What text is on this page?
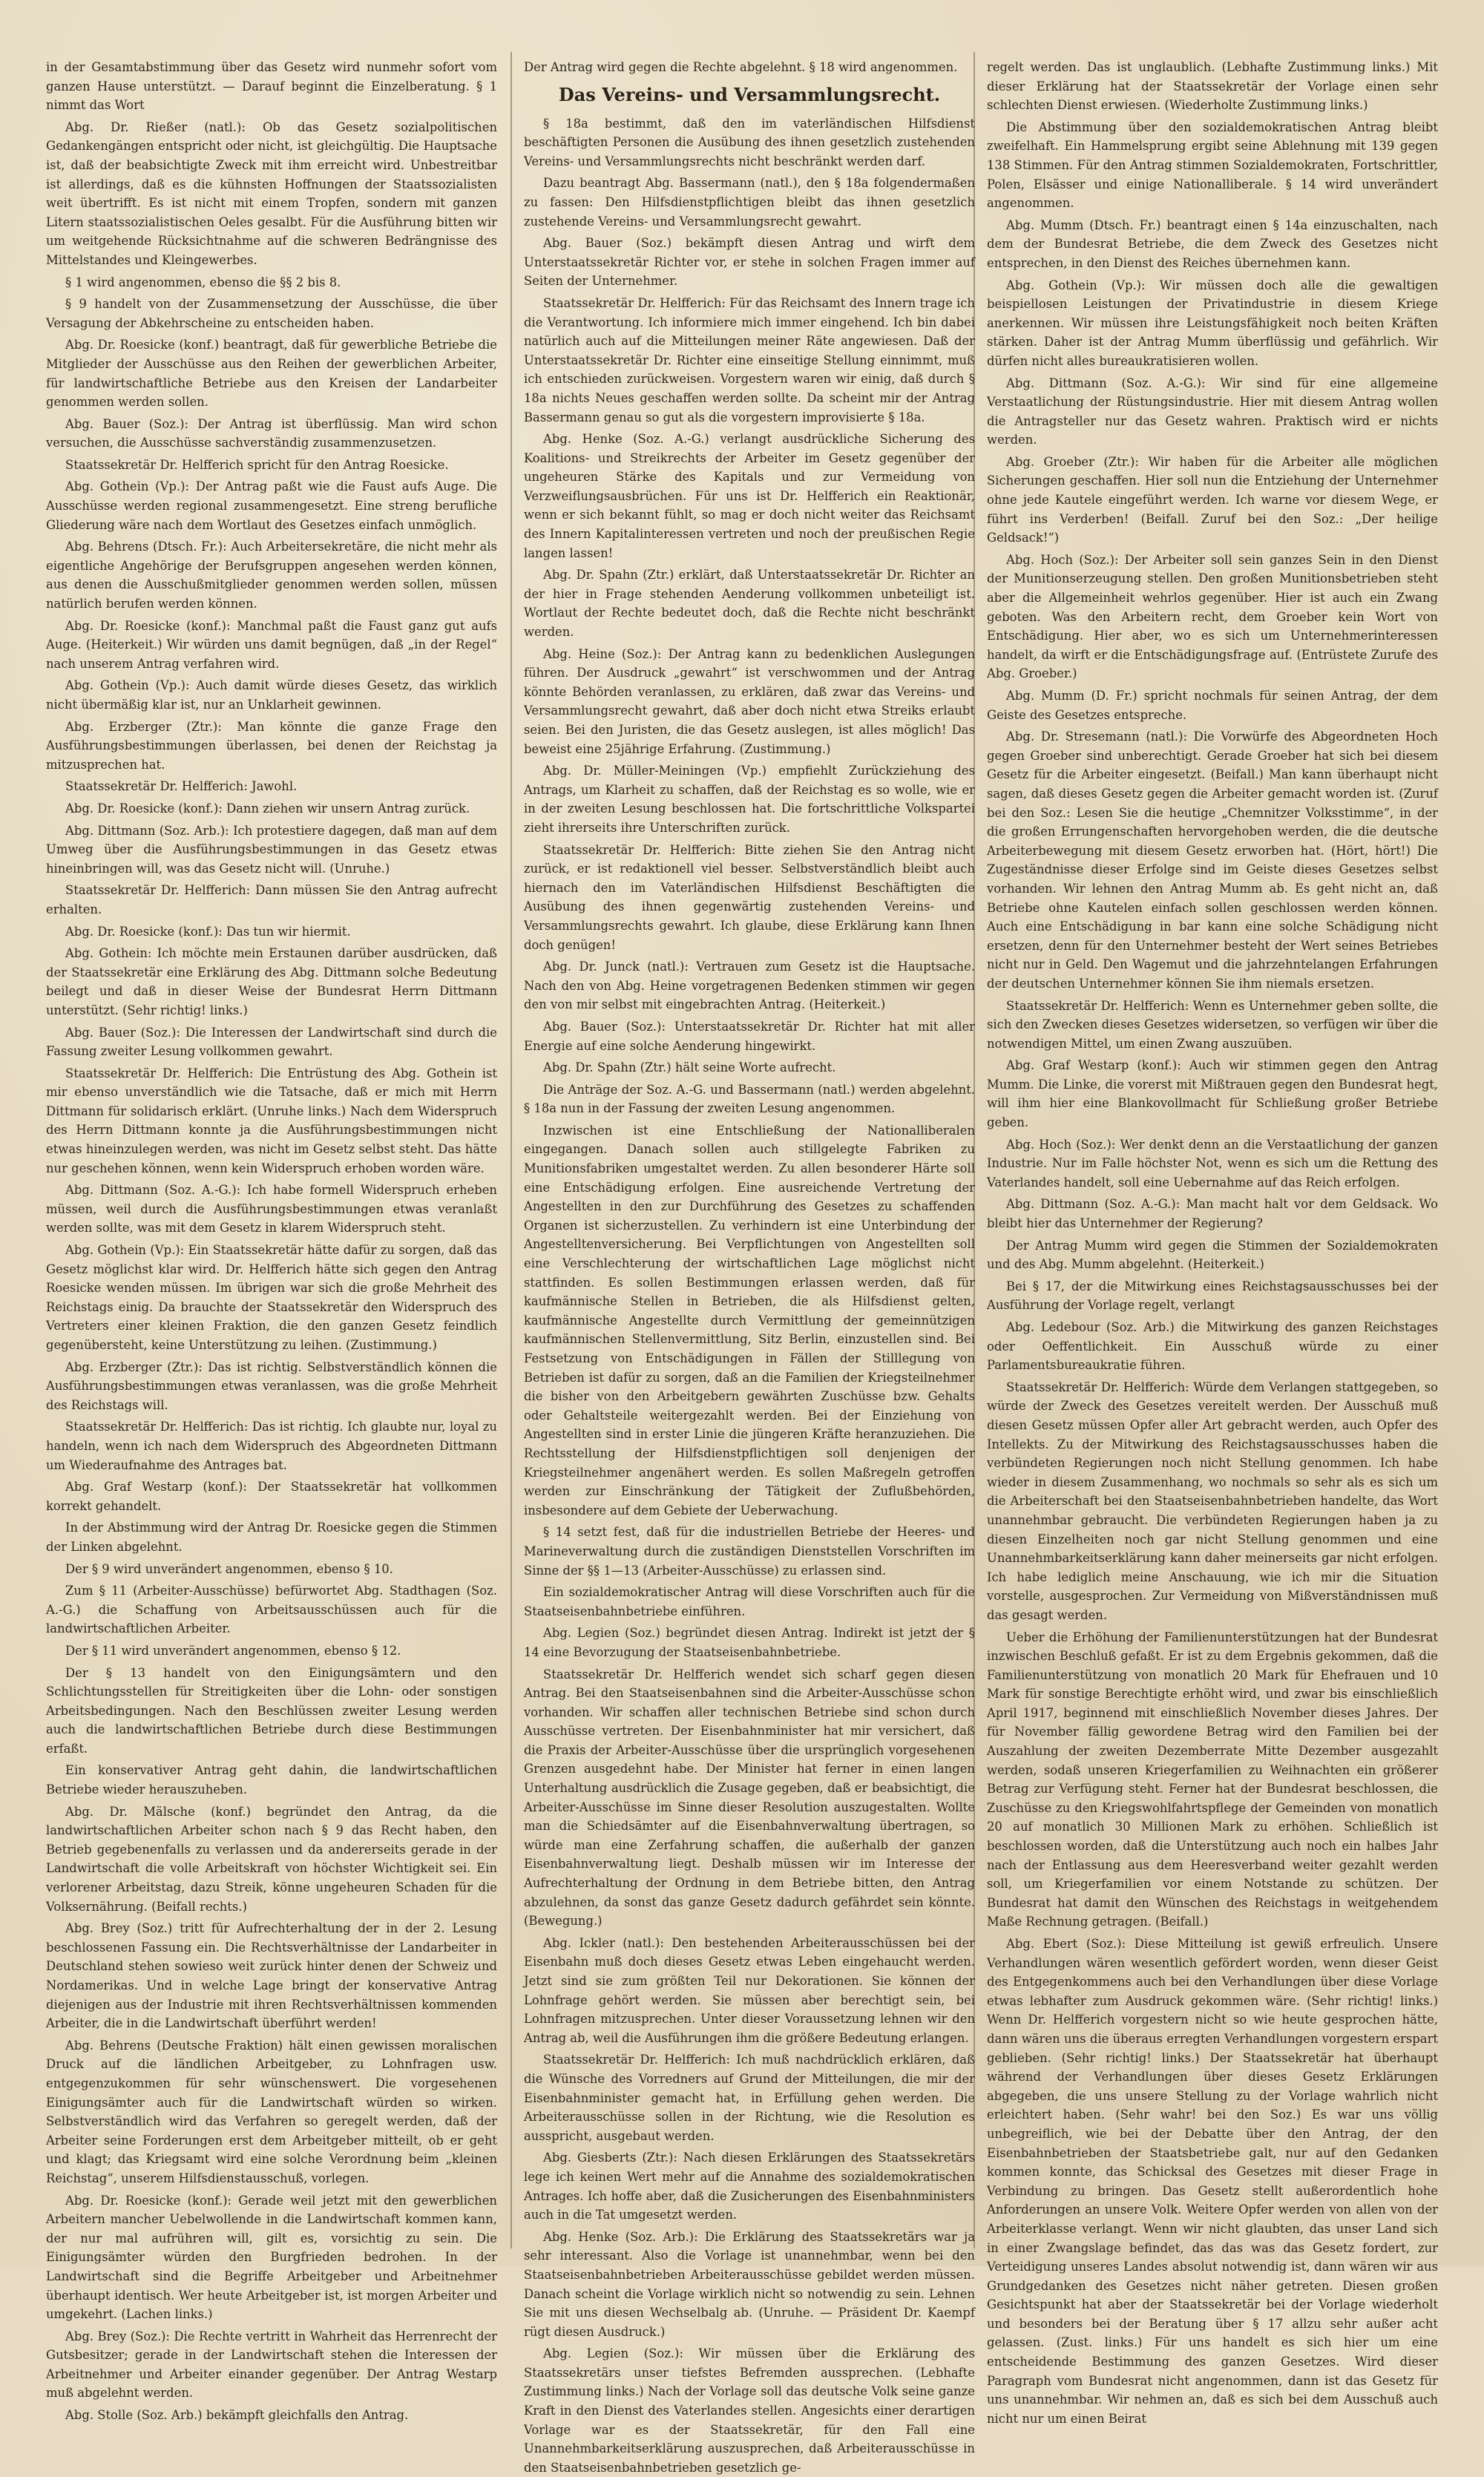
in der Gesamtabstimmung über das Gesetz wird nunmehr sofort vom ganzen Hause unterstützt. — Darauf beginnt die Einzelberatung. § 1 nimmt das Wort

Abg. Dr. Rießer (natl.): Ob das Gesetz sozialpolitischen Gedankengängen entspricht oder nicht, ist gleichgültig. Die Hauptsache ist, daß der beabsichtigte Zweck mit ihm erreicht wird. Unbestreitbar ist allerdings, daß es die kühnsten Hoffnungen der Staatssozialisten weit übertrifft. Es ist nicht mit einem Tropfen, sondern mit ganzen Litern staatssozialistischen Oeles gesalbt. Für die Ausführung bitten wir um weitgehende Rücksichtnahme auf die schweren Bedrängnisse des Mittelstandes und Kleingewerbes.

§ 1 wird angenommen, ebenso die §§ 2 bis 8.

§ 9 handelt von der Zusammensetzung der Ausschüsse, die über Versagung der Abkehrscheine zu entscheiden haben.

Abg. Dr. Roesicke (konf.) beantragt, daß für gewerbliche Betriebe die Mitglieder der Ausschüsse aus den Reihen der gewerblichen Arbeiter, für landwirtschaftliche Betriebe aus den Kreisen der Landarbeiter genommen werden sollen.

Abg. Bauer (Soz.): Der Antrag ist überflüssig. Man wird schon versuchen, die Ausschüsse sachverständig zusammenzusetzen.

Staatssekretär Dr. Helfferich spricht für den Antrag Roesicke.

Abg. Gothein (Vp.): Der Antrag paßt wie die Faust aufs Auge. Die Ausschüsse werden regional zusammengesetzt. Eine streng berufliche Gliederung wäre nach dem Wortlaut des Gesetzes einfach unmöglich.

Abg. Behrens (Dtsch. Fr.): Auch Arbeitersekretäre, die nicht mehr als eigentliche Angehörige der Berufsgruppen angesehen werden können, aus denen die Ausschußmitglieder genommen werden sollen, müssen natürlich berufen werden können.

Abg. Dr. Roesicke (konf.): Manchmal paßt die Faust ganz gut aufs Auge. (Heiterkeit.) Wir würden uns damit begnügen, daß „in der Regel“ nach unserem Antrag verfahren wird.

Abg. Gothein (Vp.): Auch damit würde dieses Gesetz, das wirklich nicht übermäßig klar ist, nur an Unklarheit gewinnen.

Abg. Erzberger (Ztr.): Man könnte die ganze Frage den Ausführungsbestimmungen überlassen, bei denen der Reichstag ja mitzusprechen hat.

Staatssekretär Dr. Helfferich: Jawohl.

Abg. Dr. Roesicke (konf.): Dann ziehen wir unsern Antrag zurück.

Abg. Dittmann (Soz. Arb.): Ich protestiere dagegen, daß man auf dem Umweg über die Ausführungsbestimmungen in das Gesetz etwas hineinbringen will, was das Gesetz nicht will. (Unruhe.)

Staatssekretär Dr. Helfferich: Dann müssen Sie den Antrag aufrecht erhalten.

Abg. Dr. Roesicke (konf.): Das tun wir hiermit.

Abg. Gothein: Ich möchte mein Erstaunen darüber ausdrücken, daß der Staatssekretär eine Erklärung des Abg. Dittmann solche Bedeutung beilegt und daß in dieser Weise der Bundesrat Herrn Dittmann unterstützt. (Sehr richtig! links.)

Abg. Bauer (Soz.): Die Interessen der Landwirtschaft sind durch die Fassung zweiter Lesung vollkommen gewahrt.

Staatssekretär Dr. Helfferich: Die Entrüstung des Abg. Gothein ist mir ebenso unverständlich wie die Tatsache, daß er mich mit Herrn Dittmann für solidarisch erklärt. (Unruhe links.) Nach dem Widerspruch des Herrn Dittmann konnte ja die Ausführungsbestimmungen nicht etwas hineinzulegen werden, was nicht im Gesetz selbst steht. Das hätte nur geschehen können, wenn kein Widerspruch erhoben worden wäre.

Abg. Dittmann (Soz. A.-G.): Ich habe formell Widerspruch erheben müssen, weil durch die Ausführungsbestimmungen etwas veranlaßt werden sollte, was mit dem Gesetz in klarem Widerspruch steht.

Abg. Gothein (Vp.): Ein Staatssekretär hätte dafür zu sorgen, daß das Gesetz möglichst klar wird. Dr. Helfferich hätte sich gegen den Antrag Roesicke wenden müssen. Im übrigen war sich die große Mehrheit des Reichstags einig. Da brauchte der Staatssekretär den Widerspruch des Vertreters einer kleinen Fraktion, die den ganzen Gesetz feindlich gegenübersteht, keine Unterstützung zu leihen. (Zustimmung.)

Abg. Erzberger (Ztr.): Das ist richtig. Selbstverständlich können die Ausführungsbestimmungen etwas veranlassen, was die große Mehrheit des Reichstags will.

Staatssekretär Dr. Helfferich: Das ist richtig. Ich glaubte nur, loyal zu handeln, wenn ich nach dem Widerspruch des Abgeordneten Dittmann um Wiederaufnahme des Antrages bat.

Abg. Graf Westarp (konf.): Der Staatssekretär hat vollkommen korrekt gehandelt.

In der Abstimmung wird der Antrag Dr. Roesicke gegen die Stimmen der Linken abgelehnt.

Der § 9 wird unverändert angenommen, ebenso § 10.

Zum § 11 (Arbeiter-Ausschüsse) befürwortet Abg. Stadthagen (Soz. A.-G.) die Schaffung von Arbeitsausschüssen auch für die landwirtschaftlichen Arbeiter.

Der § 11 wird unverändert angenommen, ebenso § 12.

Der § 13 handelt von den Einigungsämtern und den Schlichtungsstellen für Streitigkeiten über die Lohn- oder sonstigen Arbeitsbedingungen. Nach den Beschlüssen zweiter Lesung werden auch die landwirtschaftlichen Betriebe durch diese Bestimmungen erfaßt.

Ein konservativer Antrag geht dahin, die landwirtschaftlichen Betriebe wieder herauszuheben.

Abg. Dr. Mälsche (konf.) begründet den Antrag, da die landwirtschaftlichen Arbeiter schon nach § 9 das Recht haben, den Betrieb gegebenenfalls zu verlassen und da andererseits gerade in der Landwirtschaft die volle Arbeitskraft von höchster Wichtigkeit sei. Ein verlorener Arbeitstag, dazu Streik, könne ungeheuren Schaden für die Volksernährung. (Beifall rechts.)

Abg. Brey (Soz.) tritt für Aufrechterhaltung der in der 2. Lesung beschlossenen Fassung ein. Die Rechtsverhältnisse der Landarbeiter in Deutschland stehen sowieso weit zurück hinter denen der Schweiz und Nordamerikas. Und in welche Lage bringt der konservative Antrag diejenigen aus der Industrie mit ihren Rechtsverhältnissen kommenden Arbeiter, die in die Landwirtschaft überführt werden!

Abg. Behrens (Deutsche Fraktion) hält einen gewissen moralischen Druck auf die ländlichen Arbeitgeber, zu Lohnfragen usw. entgegenzukommen für sehr wünschenswert. Die vorgesehenen Einigungsämter auch für die Landwirtschaft würden so wirken. Selbstverständlich wird das Verfahren so geregelt werden, daß der Arbeiter seine Forderungen erst dem Arbeitgeber mitteilt, ob er geht und klagt; das Kriegsamt wird eine solche Verordnung beim „kleinen Reichstag“, unserem Hilfsdienstausschuß, vorlegen.

Abg. Dr. Roesicke (konf.): Gerade weil jetzt mit den gewerblichen Arbeitern mancher Uebelwollende in die Landwirtschaft kommen kann, der nur mal aufrühren will, gilt es, vorsichtig zu sein. Die Einigungsämter würden den Burgfrieden bedrohen. In der Landwirtschaft sind die Begriffe Arbeitgeber und Arbeitnehmer überhaupt identisch. Wer heute Arbeitgeber ist, ist morgen Arbeiter und umgekehrt. (Lachen links.)

Abg. Brey (Soz.): Die Rechte vertritt in Wahrheit das Herrenrecht der Gutsbesitzer; gerade in der Landwirtschaft stehen die Interessen der Arbeitnehmer und Arbeiter einander gegenüber. Der Antrag Westarp muß abgelehnt werden.

Abg. Stolle (Soz. Arb.) bekämpft gleichfalls den Antrag.

Der Antrag wird gegen die Rechte abgelehnt. § 18 wird angenommen.

Das Vereins- und Versammlungsrecht.

§ 18a bestimmt, daß den im vaterländischen Hilfsdienst beschäftigten Personen die Ausübung des ihnen gesetzlich zustehenden Vereins- und Versammlungsrechts nicht beschränkt werden darf.

Dazu beantragt Abg. Bassermann (natl.), den § 18a folgendermaßen zu fassen: Den Hilfsdienstpflichtigen bleibt das ihnen gesetzlich zustehende Vereins- und Versammlungsrecht gewahrt.

Abg. Bauer (Soz.) bekämpft diesen Antrag und wirft dem Unterstaatssekretär Richter vor, er stehe in solchen Fragen immer auf Seiten der Unternehmer.

Staatssekretär Dr. Helfferich: Für das Reichsamt des Innern trage ich die Verantwortung. Ich informiere mich immer eingehend. Ich bin dabei natürlich auch auf die Mitteilungen meiner Räte angewiesen. Daß der Unterstaatssekretär Dr. Richter eine einseitige Stellung einnimmt, muß ich entschieden zurückweisen. Vorgestern waren wir einig, daß durch § 18a nichts Neues geschaffen werden sollte. Da scheint mir der Antrag Bassermann genau so gut als die vorgestern improvisierte § 18a.

Abg. Henke (Soz. A.-G.) verlangt ausdrückliche Sicherung des Koalitions- und Streikrechts der Arbeiter im Gesetz gegenüber der ungeheuren Stärke des Kapitals und zur Vermeidung von Verzweiflungsausbrüchen. Für uns ist Dr. Helfferich ein Reaktionär, wenn er sich bekannt fühlt, so mag er doch nicht weiter das Reichsamt des Innern Kapitalinteressen vertreten und noch der preußischen Regie langen lassen!

Abg. Dr. Spahn (Ztr.) erklärt, daß Unterstaatssekretär Dr. Richter an der hier in Frage stehenden Aenderung vollkommen unbeteiligt ist. Wortlaut der Rechte bedeutet doch, daß die Rechte nicht beschränkt werden.

Abg. Heine (Soz.): Der Antrag kann zu bedenklichen Auslegungen führen. Der Ausdruck „gewahrt“ ist verschwommen und der Antrag könnte Behörden veranlassen, zu erklären, daß zwar das Vereins- und Versammlungsrecht gewahrt, daß aber doch nicht etwa Streiks erlaubt seien. Bei den Juristen, die das Gesetz auslegen, ist alles möglich! Das beweist eine 25jährige Erfahrung. (Zustimmung.)

Abg. Dr. Müller-Meiningen (Vp.) empfiehlt Zurückziehung des Antrags, um Klarheit zu schaffen, daß der Reichstag es so wolle, wie er in der zweiten Lesung beschlossen hat. Die fortschrittliche Volkspartei zieht ihrerseits ihre Unterschriften zurück.

Staatssekretär Dr. Helfferich: Bitte ziehen Sie den Antrag nicht zurück, er ist redaktionell viel besser. Selbstverständlich bleibt auch hiernach den im Vaterländischen Hilfsdienst Beschäftigten die Ausübung des ihnen gegenwärtig zustehenden Vereins- und Versammlungsrechts gewahrt. Ich glaube, diese Erklärung kann Ihnen doch genügen!

Abg. Dr. Junck (natl.): Vertrauen zum Gesetz ist die Hauptsache. Nach den von Abg. Heine vorgetragenen Bedenken stimmen wir gegen den von mir selbst mit eingebrachten Antrag. (Heiterkeit.)

Abg. Bauer (Soz.): Unterstaatssekretär Dr. Richter hat mit aller Energie auf eine solche Aenderung hingewirkt.

Abg. Dr. Spahn (Ztr.) hält seine Worte aufrecht.

Die Anträge der Soz. A.-G. und Bassermann (natl.) werden abgelehnt. § 18a nun in der Fassung der zweiten Lesung angenommen.

Inzwischen ist eine Entschließung der Nationalliberalen eingegangen. Danach sollen auch stillgelegte Fabriken zu Munitionsfabriken umgestaltet werden. Zu allen besonderer Härte soll eine Entschädigung erfolgen. Eine ausreichende Vertretung der Angestellten in den zur Durchführung des Gesetzes zu schaffenden Organen ist sicherzustellen. Zu verhindern ist eine Unterbindung der Angestelltenversicherung. Bei Verpflichtungen von Angestellten soll eine Verschlechterung der wirtschaftlichen Lage möglichst nicht stattfinden. Es sollen Bestimmungen erlassen werden, daß für kaufmännische Stellen in Betrieben, die als Hilfsdienst gelten, kaufmännische Angestellte durch Vermittlung der gemeinnützigen kaufmännischen Stellenvermittlung, Sitz Berlin, einzustellen sind. Bei Festsetzung von Entschädigungen in Fällen der Stilllegung von Betrieben ist dafür zu sorgen, daß an die Familien der Kriegsteilnehmer die bisher von den Arbeitgebern gewährten Zuschüsse bzw. Gehalts oder Gehaltsteile weitergezahlt werden. Bei der Einziehung von Angestellten sind in erster Linie die jüngeren Kräfte heranzuziehen. Die Rechtsstellung der Hilfsdienstpflichtigen soll denjenigen der Kriegsteilnehmer angenähert werden. Es sollen Maßregeln getroffen werden zur Einschränkung der Tätigkeit der Zuflußbehörden, insbesondere auf dem Gebiete der Ueberwachung.

§ 14 setzt fest, daß für die industriellen Betriebe der Heeres- und Marineverwaltung durch die zuständigen Dienststellen Vorschriften im Sinne der §§ 1—13 (Arbeiter-Ausschüsse) zu erlassen sind.

Ein sozialdemokratischer Antrag will diese Vorschriften auch für die Staatseisenbahnbetriebe einführen.

Abg. Legien (Soz.) begründet diesen Antrag. Indirekt ist jetzt der § 14 eine Bevorzugung der Staatseisenbahnbetriebe.

Staatssekretär Dr. Helfferich wendet sich scharf gegen diesen Antrag. Bei den Staatseisenbahnen sind die Arbeiter-Ausschüsse schon vorhanden. Wir schaffen aller technischen Betriebe sind schon durch Ausschüsse vertreten. Der Eisenbahnminister hat mir versichert, daß die Praxis der Arbeiter-Ausschüsse über die ursprünglich vorgesehenen Grenzen ausgedehnt habe. Der Minister hat ferner in einen langen Unterhaltung ausdrücklich die Zusage gegeben, daß er beabsichtigt, die Arbeiter-Ausschüsse im Sinne dieser Resolution auszugestalten. Wollte man die Schiedsämter auf die Eisenbahnverwaltung übertragen, so würde man eine Zerfahrung schaffen, die außerhalb der ganzen Eisenbahnverwaltung liegt. Deshalb müssen wir im Interesse der Aufrechterhaltung der Ordnung in dem Betriebe bitten, den Antrag abzulehnen, da sonst das ganze Gesetz dadurch gefährdet sein könnte. (Bewegung.)

Abg. Ickler (natl.): Den bestehenden Arbeiterausschüssen bei der Eisenbahn muß doch dieses Gesetz etwas Leben eingehaucht werden. Jetzt sind sie zum größten Teil nur Dekorationen. Sie können der Lohnfrage gehört werden. Sie müssen aber berechtigt sein, bei Lohnfragen mitzusprechen. Unter dieser Voraussetzung lehnen wir den Antrag ab, weil die Ausführungen ihm die größere Bedeutung erlangen.

Staatssekretär Dr. Helfferich: Ich muß nachdrücklich erklären, daß die Wünsche des Vorredners auf Grund der Mitteilungen, die mir der Eisenbahnminister gemacht hat, in Erfüllung gehen werden. Die Arbeiterausschüsse sollen in der Richtung, wie die Resolution es ausspricht, ausgebaut werden.

Abg. Giesberts (Ztr.): Nach diesen Erklärungen des Staatssekretärs lege ich keinen Wert mehr auf die Annahme des sozialdemokratischen Antrages. Ich hoffe aber, daß die Zusicherungen des Eisenbahnministers auch in die Tat umgesetzt werden.

Abg. Henke (Soz. Arb.): Die Erklärung des Staatssekretärs war ja sehr interessant. Also die Vorlage ist unannehmbar, wenn bei den Staatseisenbahnbetrieben Arbeiterausschüsse gebildet werden müssen. Danach scheint die Vorlage wirklich nicht so notwendig zu sein. Lehnen Sie mit uns diesen Wechselbalg ab. (Unruhe. — Präsident Dr. Kaempf rügt diesen Ausdruck.)

Abg. Legien (Soz.): Wir müssen über die Erklärung des Staatssekretärs unser tiefstes Befremden aussprechen. (Lebhafte Zustimmung links.) Nach der Vorlage soll das deutsche Volk seine ganze Kraft in den Dienst des Vaterlandes stellen. Angesichts einer derartigen Vorlage war es der Staatssekretär, für den Fall eine Unannehmbarkeitserklärung auszusprechen, daß Arbeiterausschüsse in den Staatseisenbahnbetrieben gesetzlich ge-

regelt werden. Das ist unglaublich. (Lebhafte Zustimmung links.) Mit dieser Erklärung hat der Staatssekretär der Vorlage einen sehr schlechten Dienst erwiesen. (Wiederholte Zustimmung links.)

Die Abstimmung über den sozialdemokratischen Antrag bleibt zweifelhaft. Ein Hammelsprung ergibt seine Ablehnung mit 139 gegen 138 Stimmen. Für den Antrag stimmen Sozialdemokraten, Fortschrittler, Polen, Elsässer und einige Nationalliberale. § 14 wird unverändert angenommen.

Abg. Mumm (Dtsch. Fr.) beantragt einen § 14a einzuschalten, nach dem der Bundesrat Betriebe, die dem Zweck des Gesetzes nicht entsprechen, in den Dienst des Reiches übernehmen kann.

Abg. Gothein (Vp.): Wir müssen doch alle die gewaltigen beispiellosen Leistungen der Privatindustrie in diesem Kriege anerkennen. Wir müssen ihre Leistungsfähigkeit noch beiten Kräften stärken. Daher ist der Antrag Mumm überflüssig und gefährlich. Wir dürfen nicht alles bureaukratisieren wollen.

Abg. Dittmann (Soz. A.-G.): Wir sind für eine allgemeine Verstaatlichung der Rüstungsindustrie. Hier mit diesem Antrag wollen die Antragsteller nur das Gesetz wahren. Praktisch wird er nichts werden.

Abg. Groeber (Ztr.): Wir haben für die Arbeiter alle möglichen Sicherungen geschaffen. Hier soll nun die Entziehung der Unternehmer ohne jede Kautele eingeführt werden. Ich warne vor diesem Wege, er führt ins Verderben! (Beifall. Zuruf bei den Soz.: „Der heilige Geldsack!“)

Abg. Hoch (Soz.): Der Arbeiter soll sein ganzes Sein in den Dienst der Munitionserzeugung stellen. Den großen Munitionsbetrieben steht aber die Allgemeinheit wehrlos gegenüber. Hier ist auch ein Zwang geboten. Was den Arbeitern recht, dem Groeber kein Wort von Entschädigung. Hier aber, wo es sich um Unternehmerinteressen handelt, da wirft er die Entschädigungsfrage auf. (Entrüstete Zurufe des Abg. Groeber.)

Abg. Mumm (D. Fr.) spricht nochmals für seinen Antrag, der dem Geiste des Gesetzes entspreche.

Abg. Dr. Stresemann (natl.): Die Vorwürfe des Abgeordneten Hoch gegen Groeber sind unberechtigt. Gerade Groeber hat sich bei diesem Gesetz für die Arbeiter eingesetzt. (Beifall.) Man kann überhaupt nicht sagen, daß dieses Gesetz gegen die Arbeiter gemacht worden ist. (Zuruf bei den Soz.: Lesen Sie die heutige „Chemnitzer Volksstimme“, in der die großen Errungenschaften hervorgehoben werden, die die deutsche Arbeiterbewegung mit diesem Gesetz erworben hat. (Hört, hört!) Die Zugeständnisse dieser Erfolge sind im Geiste dieses Gesetzes selbst vorhanden. Wir lehnen den Antrag Mumm ab. Es geht nicht an, daß Betriebe ohne Kautelen einfach sollen geschlossen werden können. Auch eine Entschädigung in bar kann eine solche Schädigung nicht ersetzen, denn für den Unternehmer besteht der Wert seines Betriebes nicht nur in Geld. Den Wagemut und die jahrzehntelangen Erfahrungen der deutschen Unternehmer können Sie ihm niemals ersetzen.

Staatssekretär Dr. Helfferich: Wenn es Unternehmer geben sollte, die sich den Zwecken dieses Gesetzes widersetzen, so verfügen wir über die notwendigen Mittel, um einen Zwang auszuüben.

Abg. Graf Westarp (konf.): Auch wir stimmen gegen den Antrag Mumm. Die Linke, die vorerst mit Mißtrauen gegen den Bundesrat hegt, will ihm hier eine Blankovollmacht für Schließung großer Betriebe geben.

Abg. Hoch (Soz.): Wer denkt denn an die Verstaatlichung der ganzen Industrie. Nur im Falle höchster Not, wenn es sich um die Rettung des Vaterlandes handelt, soll eine Uebernahme auf das Reich erfolgen.

Abg. Dittmann (Soz. A.-G.): Man macht halt vor dem Geldsack. Wo bleibt hier das Unternehmer der Regierung?

Der Antrag Mumm wird gegen die Stimmen der Sozialdemokraten und des Abg. Mumm abgelehnt. (Heiterkeit.)

Bei § 17, der die Mitwirkung eines Reichstagsausschusses bei der Ausführung der Vorlage regelt, verlangt

Abg. Ledebour (Soz. Arb.) die Mitwirkung des ganzen Reichstages oder Oeffentlichkeit. Ein Ausschuß würde zu einer Parlamentsbureaukratie führen.

Staatssekretär Dr. Helfferich: Würde dem Verlangen stattgegeben, so würde der Zweck des Gesetzes vereitelt werden. Der Ausschuß muß diesen Gesetz müssen Opfer aller Art gebracht werden, auch Opfer des Intellekts. Zu der Mitwirkung des Reichstagsausschusses haben die verbündeten Regierungen noch nicht Stellung genommen. Ich habe wieder in diesem Zusammenhang, wo nochmals so sehr als es sich um die Arbeiterschaft bei den Staatseisenbahnbetrieben handelte, das Wort unannehmbar gebraucht. Die verbündeten Regierungen haben ja zu diesen Einzelheiten noch gar nicht Stellung genommen und eine Unannehmbarkeitserklärung kann daher meinerseits gar nicht erfolgen. Ich habe lediglich meine Anschauung, wie ich mir die Situation vorstelle, ausgesprochen. Zur Vermeidung von Mißverständnissen muß das gesagt werden.

Ueber die Erhöhung der Familienunterstützungen hat der Bundesrat inzwischen Beschluß gefaßt. Er ist zu dem Ergebnis gekommen, daß die Familienunterstützung von monatlich 20 Mark für Ehefrauen und 10 Mark für sonstige Berechtigte erhöht wird, und zwar bis einschließlich April 1917, beginnend mit einschließlich November dieses Jahres. Der für November fällig gewordene Betrag wird den Familien bei der Auszahlung der zweiten Dezemberrate Mitte Dezember ausgezahlt werden, sodaß unseren Kriegerfamilien zu Weihnachten ein größerer Betrag zur Verfügung steht. Ferner hat der Bundesrat beschlossen, die Zuschüsse zu den Kriegswohlfahrtspflege der Gemeinden von monatlich 20 auf monatlich 30 Millionen Mark zu erhöhen. Schließlich ist beschlossen worden, daß die Unterstützung auch noch ein halbes Jahr nach der Entlassung aus dem Heeresverband weiter gezahlt werden soll, um Kriegerfamilien vor einem Notstande zu schützen. Der Bundesrat hat damit den Wünschen des Reichstags in weitgehendem Maße Rechnung getragen. (Beifall.)

Abg. Ebert (Soz.): Diese Mitteilung ist gewiß erfreulich. Unsere Verhandlungen wären wesentlich gefördert worden, wenn dieser Geist des Entgegenkommens auch bei den Verhandlungen über diese Vorlage etwas lebhafter zum Ausdruck gekommen wäre. (Sehr richtig! links.) Wenn Dr. Helfferich vorgestern nicht so wie heute gesprochen hätte, dann wären uns die überaus erregten Verhandlungen vorgestern erspart geblieben. (Sehr richtig! links.) Der Staatssekretär hat überhaupt während der Verhandlungen über dieses Gesetz Erklärungen abgegeben, die uns unsere Stellung zu der Vorlage wahrlich nicht erleichtert haben. (Sehr wahr! bei den Soz.) Es war uns völlig unbegreiflich, wie bei der Debatte über den Antrag, der den Eisenbahnbetrieben der Staatsbetriebe galt, nur auf den Gedanken kommen konnte, das Schicksal des Gesetzes mit dieser Frage in Verbindung zu bringen. Das Gesetz stellt außerordentlich hohe Anforderungen an unsere Volk. Weitere Opfer werden von allen von der Arbeiterklasse verlangt. Wenn wir nicht glaubten, das unser Land sich in einer Zwangslage befindet, das das was das Gesetz fordert, zur Verteidigung unseres Landes absolut notwendig ist, dann wären wir aus Grundgedanken des Gesetzes nicht näher getreten. Diesen großen Gesichtspunkt hat aber der Staatssekretär bei der Vorlage wiederholt und besonders bei der Beratung über § 17 allzu sehr außer acht gelassen. (Zust. links.) Für uns handelt es sich hier um eine entscheidende Bestimmung des ganzen Gesetzes. Wird dieser Paragraph vom Bundesrat nicht angenommen, dann ist das Gesetz für uns unannehmbar. Wir nehmen an, daß es sich bei dem Ausschuß auch nicht nur um einen Beirat
